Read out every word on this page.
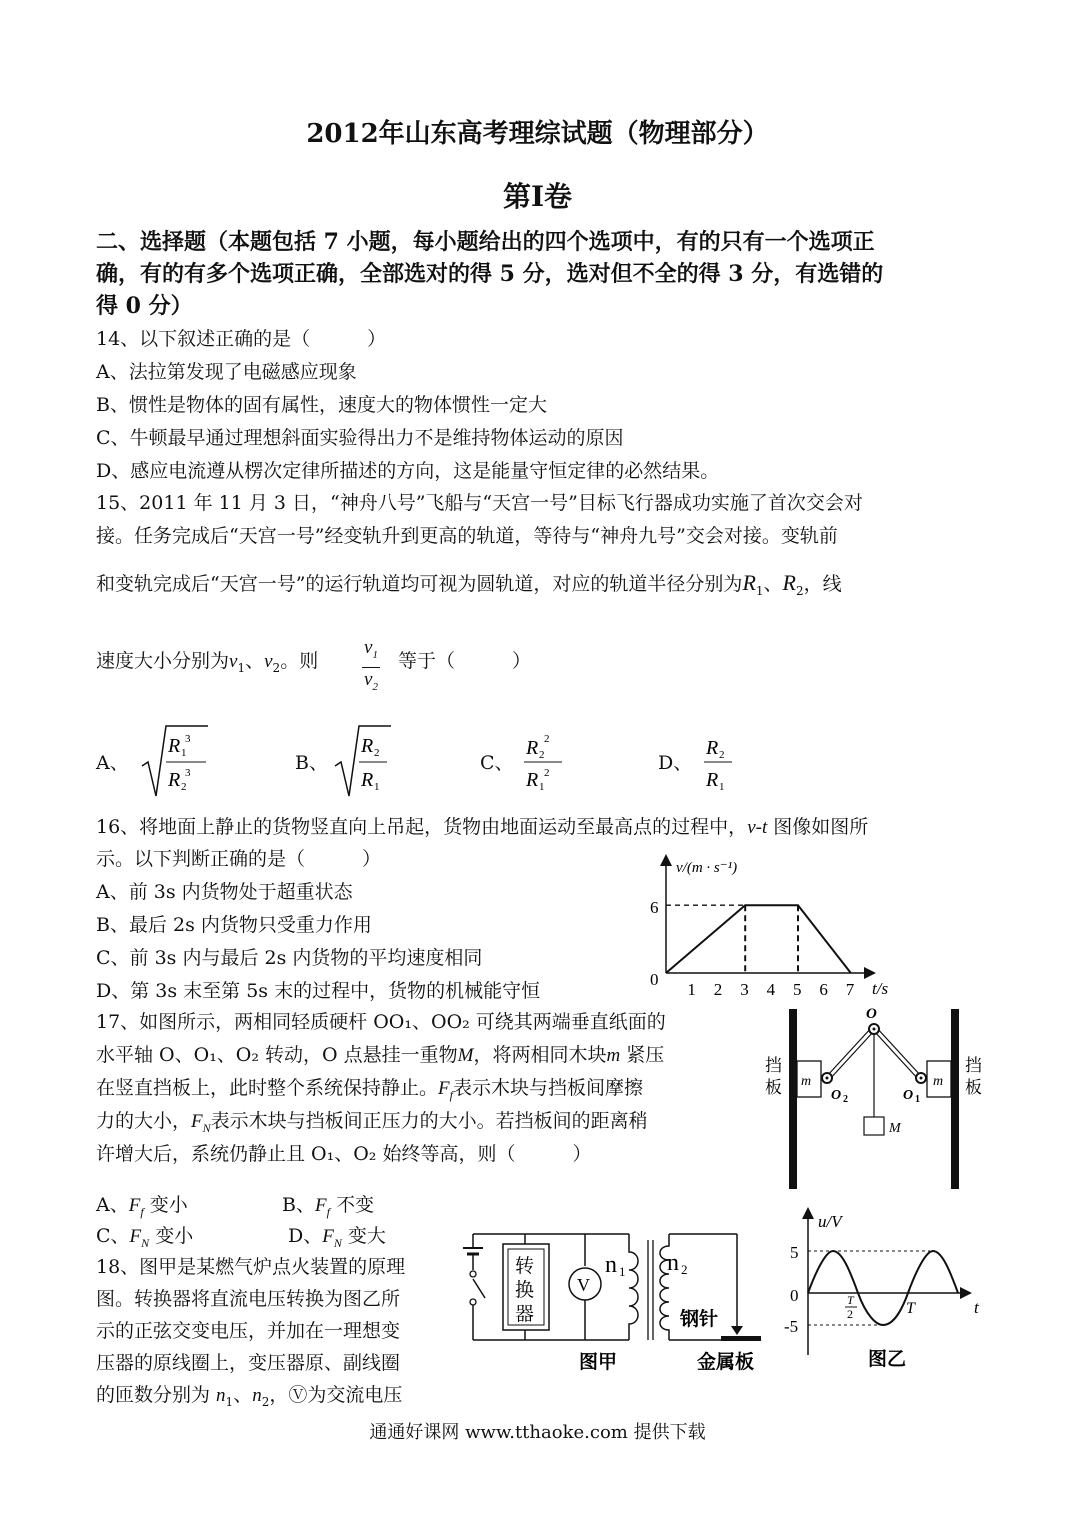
2012年山东高考理综试题（物理部分）
第Ⅰ卷
二、选择题（本题包括 7 小题，每小题给出的四个选项中，有的只有一个选项正
确，有的有多个选项正确，全部选对的得 5 分，选对但不全的得 3 分，有选错的
得 0 分）
14、以下叙述正确的是（　　　）
A、法拉第发现了电磁感应现象
B、惯性是物体的固有属性，速度大的物体惯性一定大
C、牛顿最早通过理想斜面实验得出力不是维持物体运动的原因
D、感应电流遵从楞次定律所描述的方向，这是能量守恒定律的必然结果。
15、2011 年 11 月 3 日，“神舟八号”飞船与“天宫一号”目标飞行器成功实施了首次交会对
接。任务完成后“天宫一号”经变轨升到更高的轨道，等待与“神舟九号”交会对接。变轨前
和变轨完成后“天宫一号”的运行轨道均可视为圆轨道，对应的轨道半径分别为$R_1$、$R_2$，线
速度大小分别为$v_1$、$v_2$。则 $\frac{v_1}{v_2}$ 等于（　　　）
A、
R 1
3
R 2
3	B、
R 2
R 1
C、
R 2
2
R 1
2	D、
R 2
R 1
16、将地面上静止的货物竖直向上吊起，货物由地面运动至最高点的过程中，v-t 图像如图所
示。以下判断正确的是（　　　）
A、前 3s 内货物处于超重状态
B、最后 2s 内货物只受重力作用
C、前 3s 内与最后 2s 内货物的平均速度相同
D、第 3s 末至第 5s 末的过程中，货物的机械能守恒
v/(m · s⁻¹)
t/s
0
6
1 2 3 4 5 6 7
17、如图所示，两相同轻质硬杆 OO₁、OO₂ 可绕其两端垂直纸面的
水平轴 O、O₁、O₂ 转动，O 点悬挂一重物M，将两相同木块m 紧压
在竖直挡板上，此时整个系统保持静止。$F_f$表示木块与挡板间摩擦
力的大小，$F_N$表示木块与挡板间正压力的大小。若挡板间的距离稍
许增大后，系统仍静止且 O₁、O₂ 始终等高，则（　　　）
A、$F_f$ 变小	B、$F_f$ 不变
C、$F_N$ 变小	D、$F_N$ 变大
挡
板
挡
板
m	m
O
O 2	O 1
M
18、图甲是某燃气炉点火装置的原理
图。转换器将直流电压转换为图乙所
示的正弦交变电压，并加在一理想变
压器的原线圈上，变压器原、副线圈
的匝数分别为 $n_1$、$n_2$，Ⓥ为交流电压
转
换
器
V
n 1 n 2
钢针
金属板
图甲
u/V
t
5
0
-5
T
2	T
图乙
通通好课网 www.tthaoke.com 提供下载
